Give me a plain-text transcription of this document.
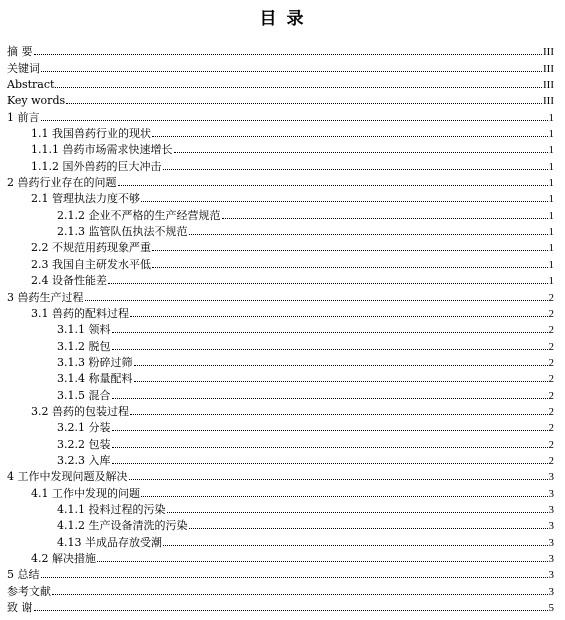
目 录
摘 要	III
关键词	III
Abstract	III
Key words	III
1 前言	1
1.1 我国兽药行业的现状	1
1.1.1 兽药市场需求快速增长	1
1.1.2 国外兽药的巨大冲击	1
2 兽药行业存在的问题	1
2.1 管理执法力度不够	1
2.1.2 企业不严格的生产经营规范	1
2.1.3 监管队伍执法不规范	1
2.2 不规范用药现象严重	1
2.3 我国自主研发水平低	1
2.4 设备性能差	1
3 兽药生产过程	2
3.1 兽药的配料过程	2
3.1.1 领料	2
3.1.2 脱包	2
3.1.3 粉碎过筛	2
3.1.4 称量配料	2
3.1.5 混合	2
3.2 兽药的包装过程	2
3.2.1 分装	2
3.2.2 包装	2
3.2.3 入库	2
4 工作中发现问题及解决	3
4.1 工作中发现的问题	3
4.1.1 投料过程的污染	3
4.1.2 生产设备清洗的污染	3
4.13 半成品存放受潮	3
4.2 解决措施	3
5 总结	3
参考文献	3
致 谢	5
